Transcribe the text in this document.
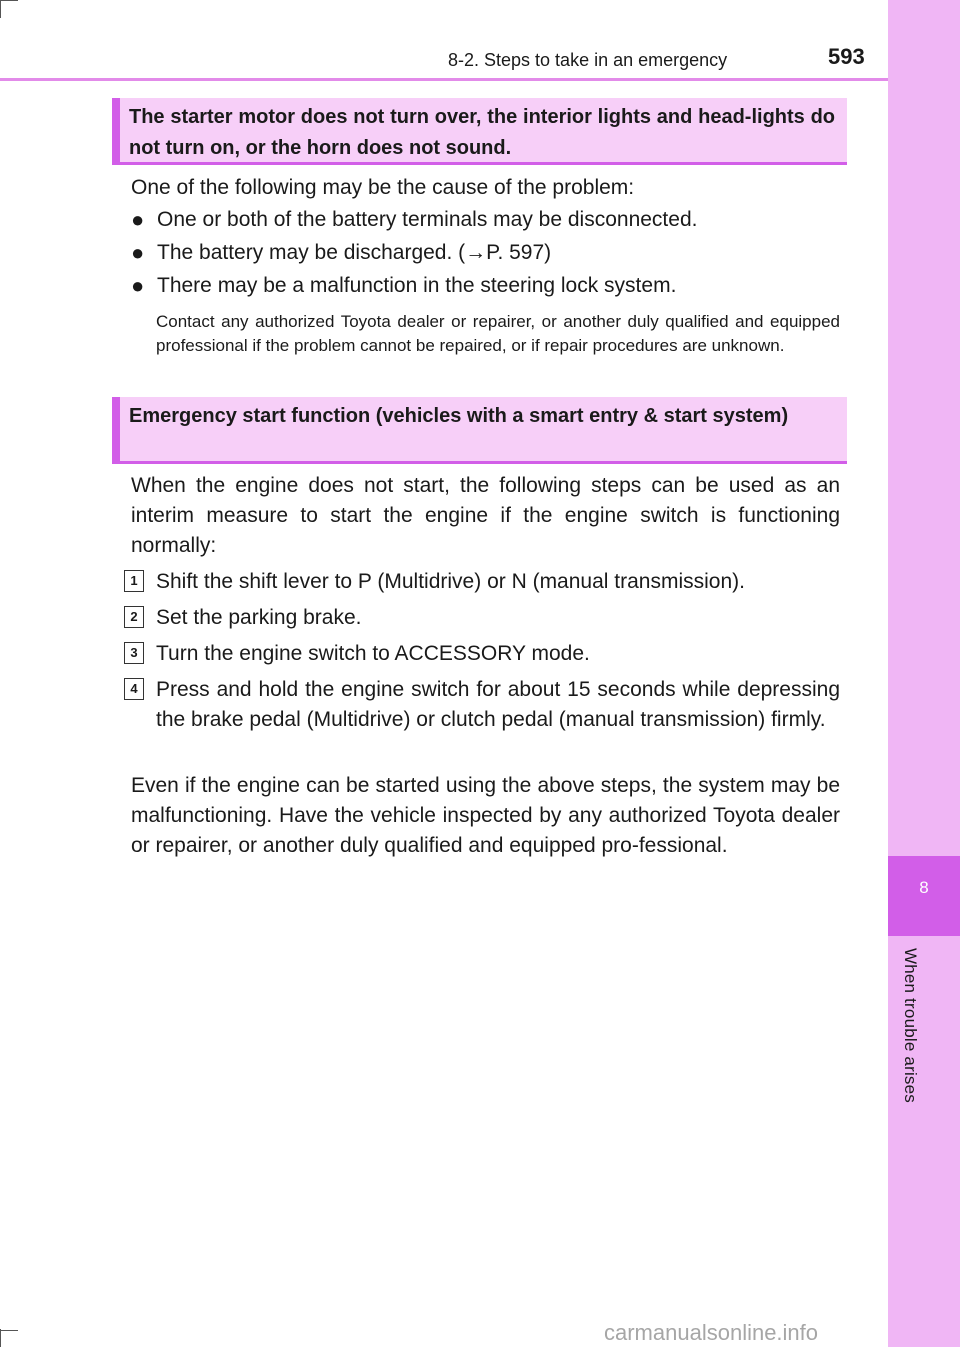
8
When trouble arises
8-2. Steps to take in an emergency	593
The starter motor does not turn over, the interior lights and head-lights do not turn on, or the horn does not sound.
One of the following may be the cause of the problem:
● One or both of the battery terminals may be disconnected.
● The battery may be discharged. (→P. 597)
● There may be a malfunction in the steering lock system.
Contact any authorized Toyota dealer or repairer, or another duly qualified and equipped professional if the problem cannot be repaired, or if repair procedures are unknown.
Emergency start function (vehicles with a smart entry & start system)
When the engine does not start, the following steps can be used as an interim measure to start the engine if the engine switch is functioning normally:
1 Shift the shift lever to P (Multidrive) or N (manual transmission).
2 Set the parking brake.
3 Turn the engine switch to ACCESSORY mode.
4 Press and hold the engine switch for about 15 seconds while depressing the brake pedal (Multidrive) or clutch pedal (manual transmission) firmly.
Even if the engine can be started using the above steps, the system may be malfunctioning. Have the vehicle inspected by any authorized Toyota dealer or repairer, or another duly qualified and equipped pro-fessional.
carmanualsonline.info
